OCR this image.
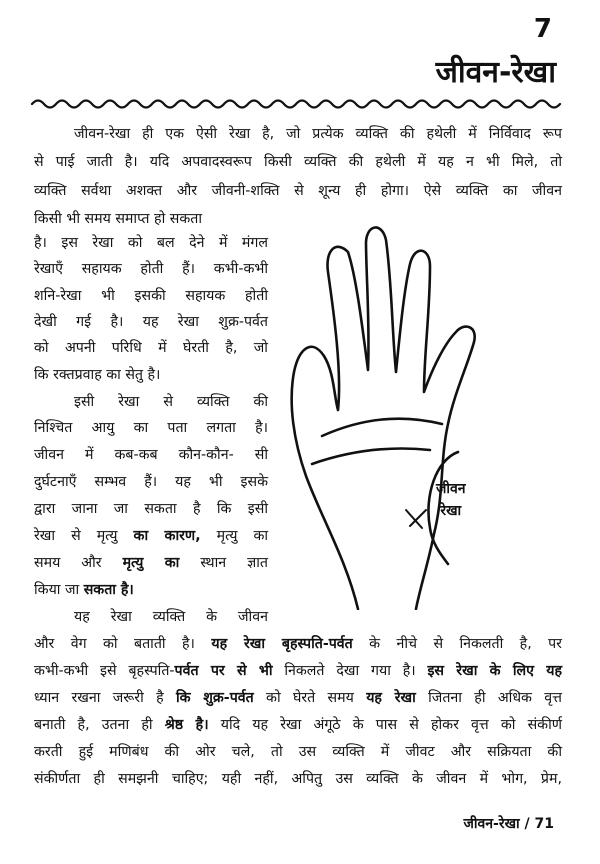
7
जीवन-रेखा
जीवन-रेखा ही एक ऐसी रेखा है, जो प्रत्येक व्यक्ति की हथेली में निर्विवाद रूप
से पाई जाती है। यदि अपवादस्वरूप किसी व्यक्ति की हथेली में यह न भी मिले, तो
व्यक्ति सर्वथा अशक्त और जीवनी-शक्ति से शून्य ही होगा। ऐसे व्यक्ति का जीवन
किसी भी समय समाप्त हो सकता
है। इस रेखा को बल देने में मंगल
रेखाएँ सहायक होती हैं। कभी-कभी
शनि-रेखा भी इसकी सहायक होती
देखी गई है। यह रेखा शुक्र-पर्वत
को अपनी परिधि में घेरती है, जो
कि रक्तप्रवाह का सेतु है।
इसी रेखा से व्यक्ति की
निश्चित आयु का पता लगता है।
जीवन में कब-कब कौन-कौन- सी
दुर्घटनाएँ सम्भव हैं। यह भी इसके
द्वारा जाना जा सकता है कि इसी
रेखा से मृत्यु का कारण, मृत्यु का
समय और मृत्यु का स्थान ज्ञात
किया जा सकता है।
यह रेखा व्यक्ति के जीवन
और वेग को बताती है। यह रेखा बृहस्पति-पर्वत के नीचे से निकलती है, पर
कभी-कभी इसे बृहस्पति-पर्वत पर से भी निकलते देखा गया है। इस रेखा के लिए यह
ध्यान रखना जरूरी है कि शुक्र-पर्वत को घेरते समय यह रेखा जितना ही अधिक वृत्त
बनाती है, उतना ही श्रेष्ठ है। यदि यह रेखा अंगूठे के पास से होकर वृत्त को संकीर्ण
करती हुई मणिबंध की ओर चले, तो उस व्यक्ति में जीवट और सक्रियता की
संकीर्णता ही समझनी चाहिए; यही नहीं, अपितु उस व्यक्ति के जीवन में भोग, प्रेम,
जीवन
रेखा
जीवन-रेखा / 71
